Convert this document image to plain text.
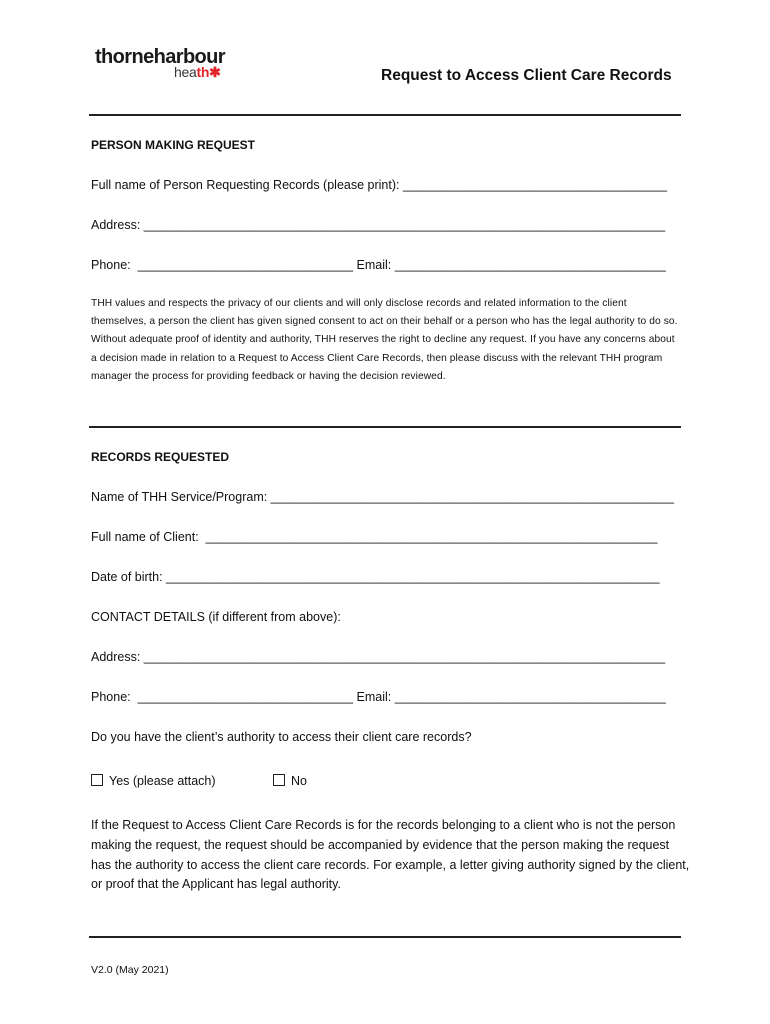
thorneharbour
heath✱	Request to Access Client Care Records
PERSON MAKING REQUEST
Full name of Person Requesting Records (please print): ______________________________________
Address: ___________________________________________________________________________
Phone:  _______________________________ Email: _______________________________________
THH values and respects the privacy of our clients and will only disclose records and related information to the client themselves, a person the client has given signed consent to act on their behalf or a person who has the legal authority to do so. Without adequate proof of identity and authority, THH reserves the right to decline any request. If you have any concerns about a decision made in relation to a Request to Access Client Care Records, then please discuss with the relevant THH program manager the process for providing feedback or having the decision reviewed.
RECORDS REQUESTED
Name of THH Service/Program: __________________________________________________________
Full name of Client:  _________________________________________________________________
Date of birth: _______________________________________________________________________
CONTACT DETAILS (if different from above):
Address: ___________________________________________________________________________
Phone:  _______________________________ Email: _______________________________________
Do you have the client’s authority to access their client care records?
Yes (please attach)	No
If the Request to Access Client Care Records is for the records belonging to a client who is not the person making the request, the request should be accompanied by evidence that the person making the request has the authority to access the client care records. For example, a letter giving authority signed by the client, or proof that the Applicant has legal authority.
V2.0 (May 2021)
